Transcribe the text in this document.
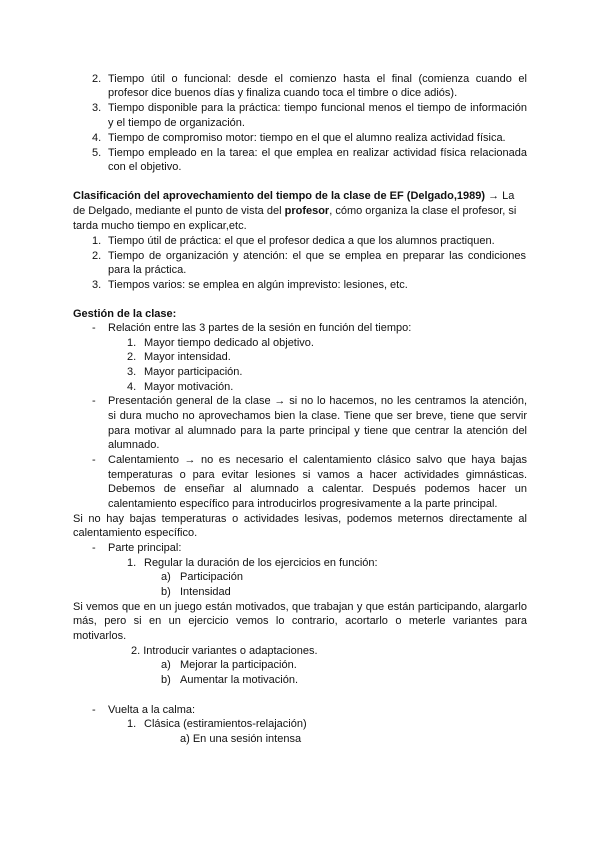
2. Tiempo útil o funcional: desde el comienzo hasta el final (comienza cuando el
profesor dice buenos días y finaliza cuando toca el timbre o dice adiós).
3. Tiempo disponible para la práctica: tiempo funcional menos el tiempo de información
y el tiempo de organización.
4. Tiempo de compromiso motor: tiempo en el que el alumno realiza actividad física.
5. Tiempo empleado en la tarea: el que emplea en realizar actividad física relacionada
con el objetivo.
Clasificación del aprovechamiento del tiempo de la clase de EF (Delgado,1989) → La
de Delgado, mediante el punto de vista del profesor, cómo organiza la clase el profesor, si
tarda mucho tiempo en explicar,etc.
1. Tiempo útil de práctica: el que el profesor dedica a que los alumnos practiquen.
2. Tiempo de organización y atención: el que se emplea en preparar las condiciones
para la práctica.
3. Tiempos varios: se emplea en algún imprevisto: lesiones, etc.
Gestión de la clase:
- Relación entre las 3 partes de la sesión en función del tiempo:
1. Mayor tiempo dedicado al objetivo.
2. Mayor intensidad.
3. Mayor participación.
4. Mayor motivación.
- Presentación general de la clase → si no lo hacemos, no les centramos la atención,
si dura mucho no aprovechamos bien la clase. Tiene que ser breve, tiene que servir
para motivar al alumnado para la parte principal y tiene que centrar la atención del
alumnado.
- Calentamiento → no es necesario el calentamiento clásico salvo que haya bajas
temperaturas o para evitar lesiones si vamos a hacer actividades gimnásticas.
Debemos de enseñar al alumnado a calentar. Después podemos hacer un
calentamiento específico para introducirlos progresivamente a la parte principal.
Si no hay bajas temperaturas o actividades lesivas, podemos meternos directamente al
calentamiento específico.
- Parte principal:
1. Regular la duración de los ejercicios en función:
a) Participación
b) Intensidad
Si vemos que en un juego están motivados, que trabajan y que están participando, alargarlo
más, pero si en un ejercicio vemos lo contrario, acortarlo o meterle variantes para
motivarlos.
2. Introducir variantes o adaptaciones.
a) Mejorar la participación.
b) Aumentar la motivación.
- Vuelta a la calma:
1. Clásica (estiramientos-relajación)
a) En una sesión intensa
